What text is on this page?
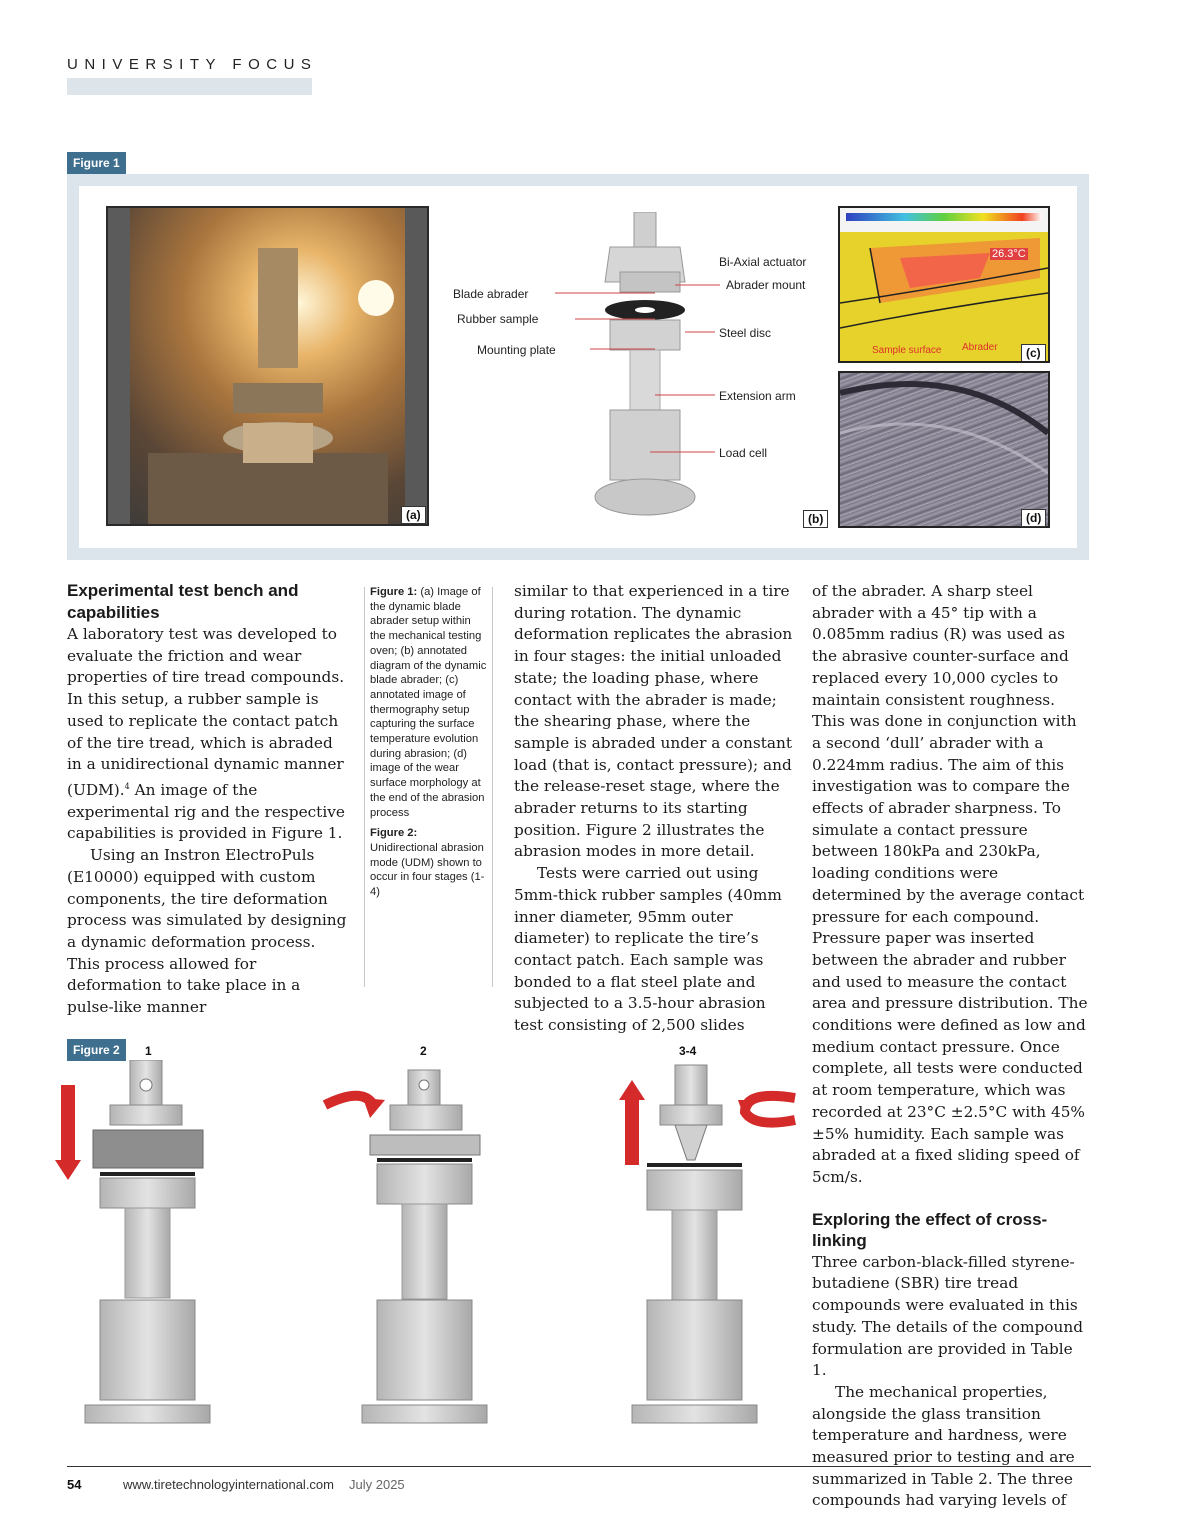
UNIVERSITY FOCUS
Figure 1
(a)
Blade abrader
Rubber sample
Mounting plate
Bi-Axial actuator
Abrader mount
Steel disc
Extension arm
Load cell
(b)
26.3°C
Sample surface Abrader	(c)
(d)
Experimental test bench and capabilities

A laboratory test was developed to evaluate the friction and wear properties of tire tread compounds. In this setup, a rubber sample is used to replicate the contact patch of the tire tread, which is abraded in a unidirectional dynamic manner (UDM).$^4$ An image of the experimental rig and the respective capabilities is provided in Figure 1.

Using an Instron ElectroPuls (E10000) equipped with custom components, the tire deformation process was simulated by designing a dynamic deformation process. This process allowed for deformation to take place in a pulse-like manner

Figure 1: (a) Image of the dynamic blade abrader setup within the mechanical testing oven; (b) annotated diagram of the dynamic blade abrader; (c) annotated image of thermography setup capturing the surface temperature evolution during abrasion; (d) image of the wear surface morphology at the end of the abrasion process

Figure 2:
Unidirectional abrasion mode (UDM) shown to occur in four stages (1-4)

similar to that experienced in a tire during rotation. The dynamic deformation replicates the abrasion in four stages: the initial unloaded state; the loading phase, where contact with the abrader is made; the shearing phase, where the sample is abraded under a constant load (that is, contact pressure); and the release-reset stage, where the abrader returns to its starting position. Figure 2 illustrates the abrasion modes in more detail.

Tests were carried out using 5mm-thick rubber samples (40mm inner diameter, 95mm outer diameter) to replicate the tire’s contact patch. Each sample was bonded to a flat steel plate and subjected to a 3.5-hour abrasion test consisting of 2,500 slides

of the abrader. A sharp steel abrader with a 45° tip with a 0.085mm radius (R) was used as the abrasive counter-surface and replaced every 10,000 cycles to maintain consistent roughness. This was done in conjunction with a second ‘dull’ abrader with a 0.224mm radius. The aim of this investigation was to compare the effects of abrader sharpness. To simulate a contact pressure between 180kPa and 230kPa, loading conditions were determined by the average contact pressure for each compound. Pressure paper was inserted between the abrader and rubber and used to measure the contact area and pressure distribution. The conditions were defined as low and medium contact pressure. Once complete, all tests were conducted at room temperature, which was recorded at 23°C ±2.5°C with 45% ±5% humidity. Each sample was abraded at a fixed sliding speed of 5cm/s.

Exploring the effect of cross-linking

Three carbon-black-filled styrene-butadiene (SBR) tire tread compounds were evaluated in this study. The details of the compound formulation are provided in Table 1.

The mechanical properties, alongside the glass transition temperature and hardness, were measured prior to testing and are summarized in Table 2. The three compounds had varying levels of

Figure 2	1	2	3-4
54	www.tiretechnologyinternational.com July 2025
